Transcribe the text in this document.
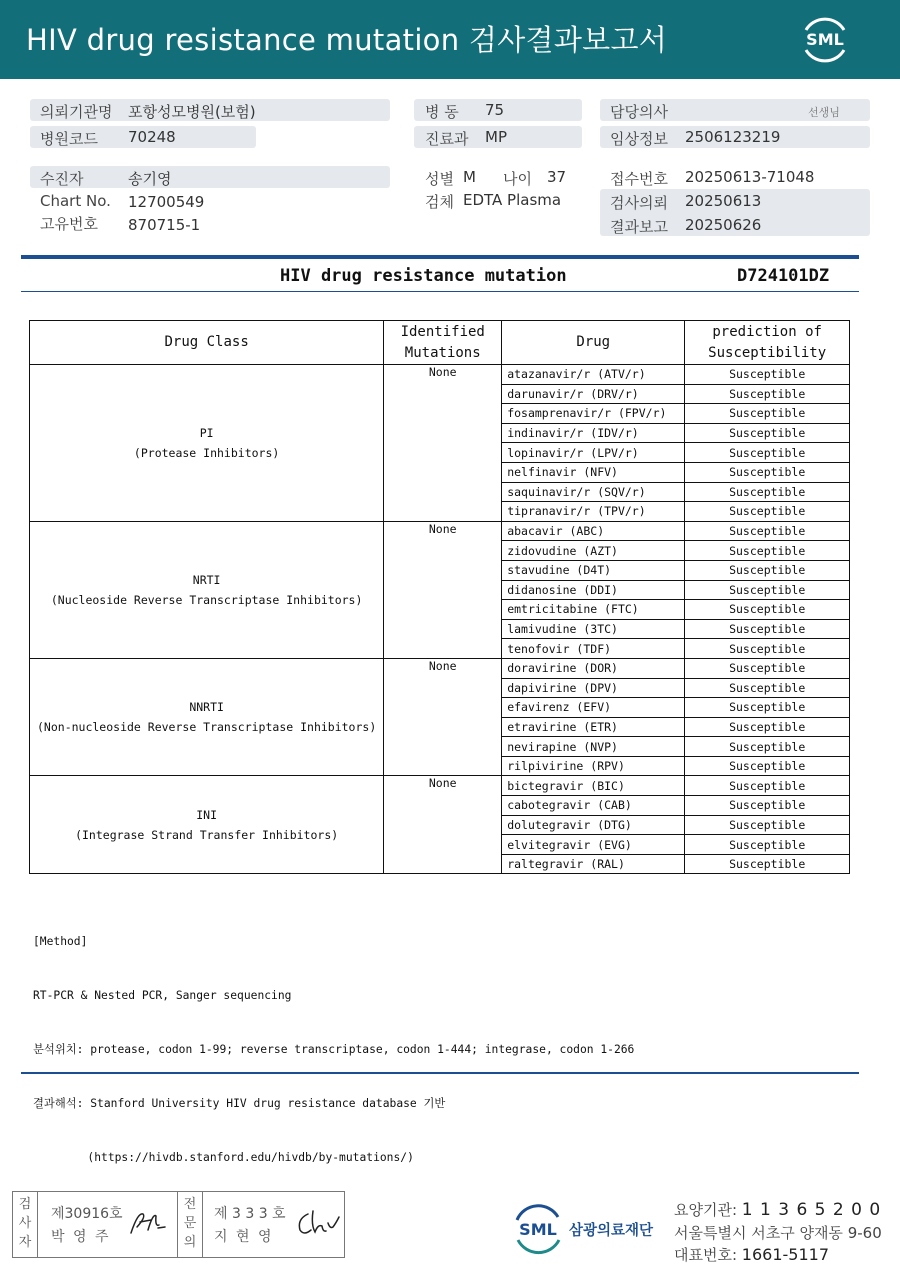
HIV drug resistance mutation 검사결과보고서	SML
의뢰기관명 포항성모병원(보험)
병원코드 70248
병 동 75
진료과 MP
담당의사	선생님
임상정보 2506123219
수진자	송기영
Chart No. 12700549
고유번호 870715-1
성별 M 나이 37
검체 EDTA Plasma
접수번호 20250613-71048
검사의뢰 20250613
결과보고 20250626
HIV drug resistance mutation	D724101DZ
Drug Class	Identified Mutations	Drug	prediction of Susceptibility

PI
(Protease Inhibitors)	None	atazanavir/r (ATV/r)	Susceptible
		darunavir/r (DRV/r)	Susceptible
		fosamprenavir/r (FPV/r)	Susceptible
		indinavir/r (IDV/r)	Susceptible
		lopinavir/r (LPV/r)	Susceptible
		nelfinavir (NFV)	Susceptible
		saquinavir/r (SQV/r)	Susceptible
		tipranavir/r (TPV/r)	Susceptible

NRTI
(Nucleoside Reverse Transcriptase Inhibitors)	None	abacavir (ABC)	Susceptible
		zidovudine (AZT)	Susceptible
		stavudine (D4T)	Susceptible
		didanosine (DDI)	Susceptible
		emtricitabine (FTC)	Susceptible
		lamivudine (3TC)	Susceptible
		tenofovir (TDF)	Susceptible

NNRTI
(Non-nucleoside Reverse Transcriptase Inhibitors)	None	doravirine (DOR)	Susceptible
		dapivirine (DPV)	Susceptible
		efavirenz (EFV)	Susceptible
		etravirine (ETR)	Susceptible
		nevirapine (NVP)	Susceptible
		rilpivirine (RPV)	Susceptible

INI
(Integrase Strand Transfer Inhibitors)	None	bictegravir (BIC)	Susceptible
		cabotegravir (CAB)	Susceptible
		dolutegravir (DTG)	Susceptible
		elvitegravir (EVG)	Susceptible
		raltegravir (RAL)	Susceptible

[Method]

RT-PCR & Nested PCR, Sanger sequencing

분석위치: protease, codon 1-99; reverse transcriptase, codon 1-444; integrase, codon 1-266

결과해석: Stanford University HIV drug resistance database 기반

(https://hivdb.stanford.edu/hivdb/by-mutations/)

검사자
제30916호
박 영 주
전문의
제 3 3 3 호
지 현 영	SML 삼광의료재단
요양기관: 1 1 3 6 5 2 0 0
서울특별시 서초구 양재동 9-60
대표번호: 1661-5117
